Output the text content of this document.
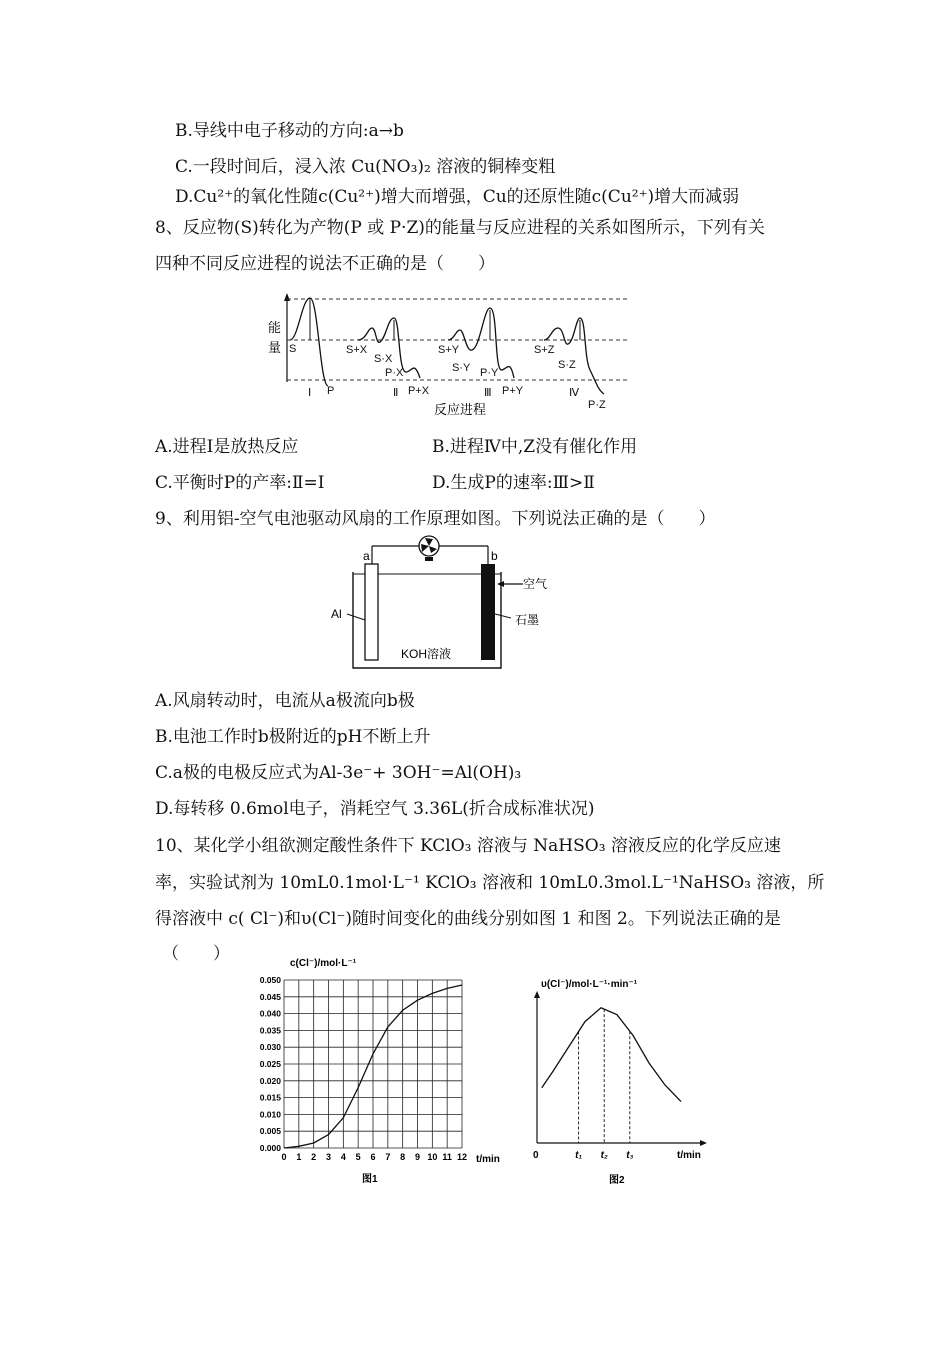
B.导线中电子移动的方向:a→b
C.一段时间后，浸入浓 Cu(NO₃)₂ 溶液的铜棒变粗
D.Cu²⁺的氧化性随c(Cu²⁺)增大而增强，Cu的还原性随c(Cu²⁺)增大而减弱
8、反应物(S)转化为产物(P 或 P·Z)的能量与反应进程的关系如图所示，下列有关
四种不同反应进程的说法不正确的是（　　）
能
量 S	S+X
S·X
P·X
P+X
S+Y
S·Y P·Y
P+Y
S+Z
S·Z
P·Z
P
Ⅰ	Ⅱ	Ⅲ	Ⅳ
反应进程
A.进程Ⅰ是放热反应	B.进程Ⅳ中,Z没有催化作用
C.平衡时P的产率:Ⅱ=Ⅰ	D.生成P的速率:Ⅲ>Ⅱ
9、利用铝-空气电池驱动风扇的工作原理如图。下列说法正确的是（　　）
a	b
空气
Al	石墨
KOH溶液
A.风扇转动时，电流从a极流向b极
B.电池工作时b极附近的pH不断上升
C.a极的电极反应式为Al-3e⁻+ 3OH⁻=Al(OH)₃
D.每转移 0.6mol电子，消耗空气 3.36L(折合成标准状况)
10、某化学小组欲测定酸性条件下 KClO₃ 溶液与 NaHSO₃ 溶液反应的化学反应速
率，实验试剂为 10mL0.1mol·L⁻¹ KClO₃ 溶液和 10mL0.3mol.L⁻¹NaHSO₃ 溶液，所
得溶液中 c( Cl⁻)和υ(Cl⁻)随时间变化的曲线分别如图 1 和图 2。下列说法正确的是
（　　）	c(Cl⁻)/mol·L⁻¹
0.000
0.005
0.010
0.015
0.020
0.025
0.030
0.035
0.040
0.045
0.050
0 1 2 3 4 5 6 7 8 9 10 11 12 t/min
图1
υ(Cl⁻)/mol·L⁻¹·min⁻¹
t₁ t₂ t₃
0	t/min
图2
